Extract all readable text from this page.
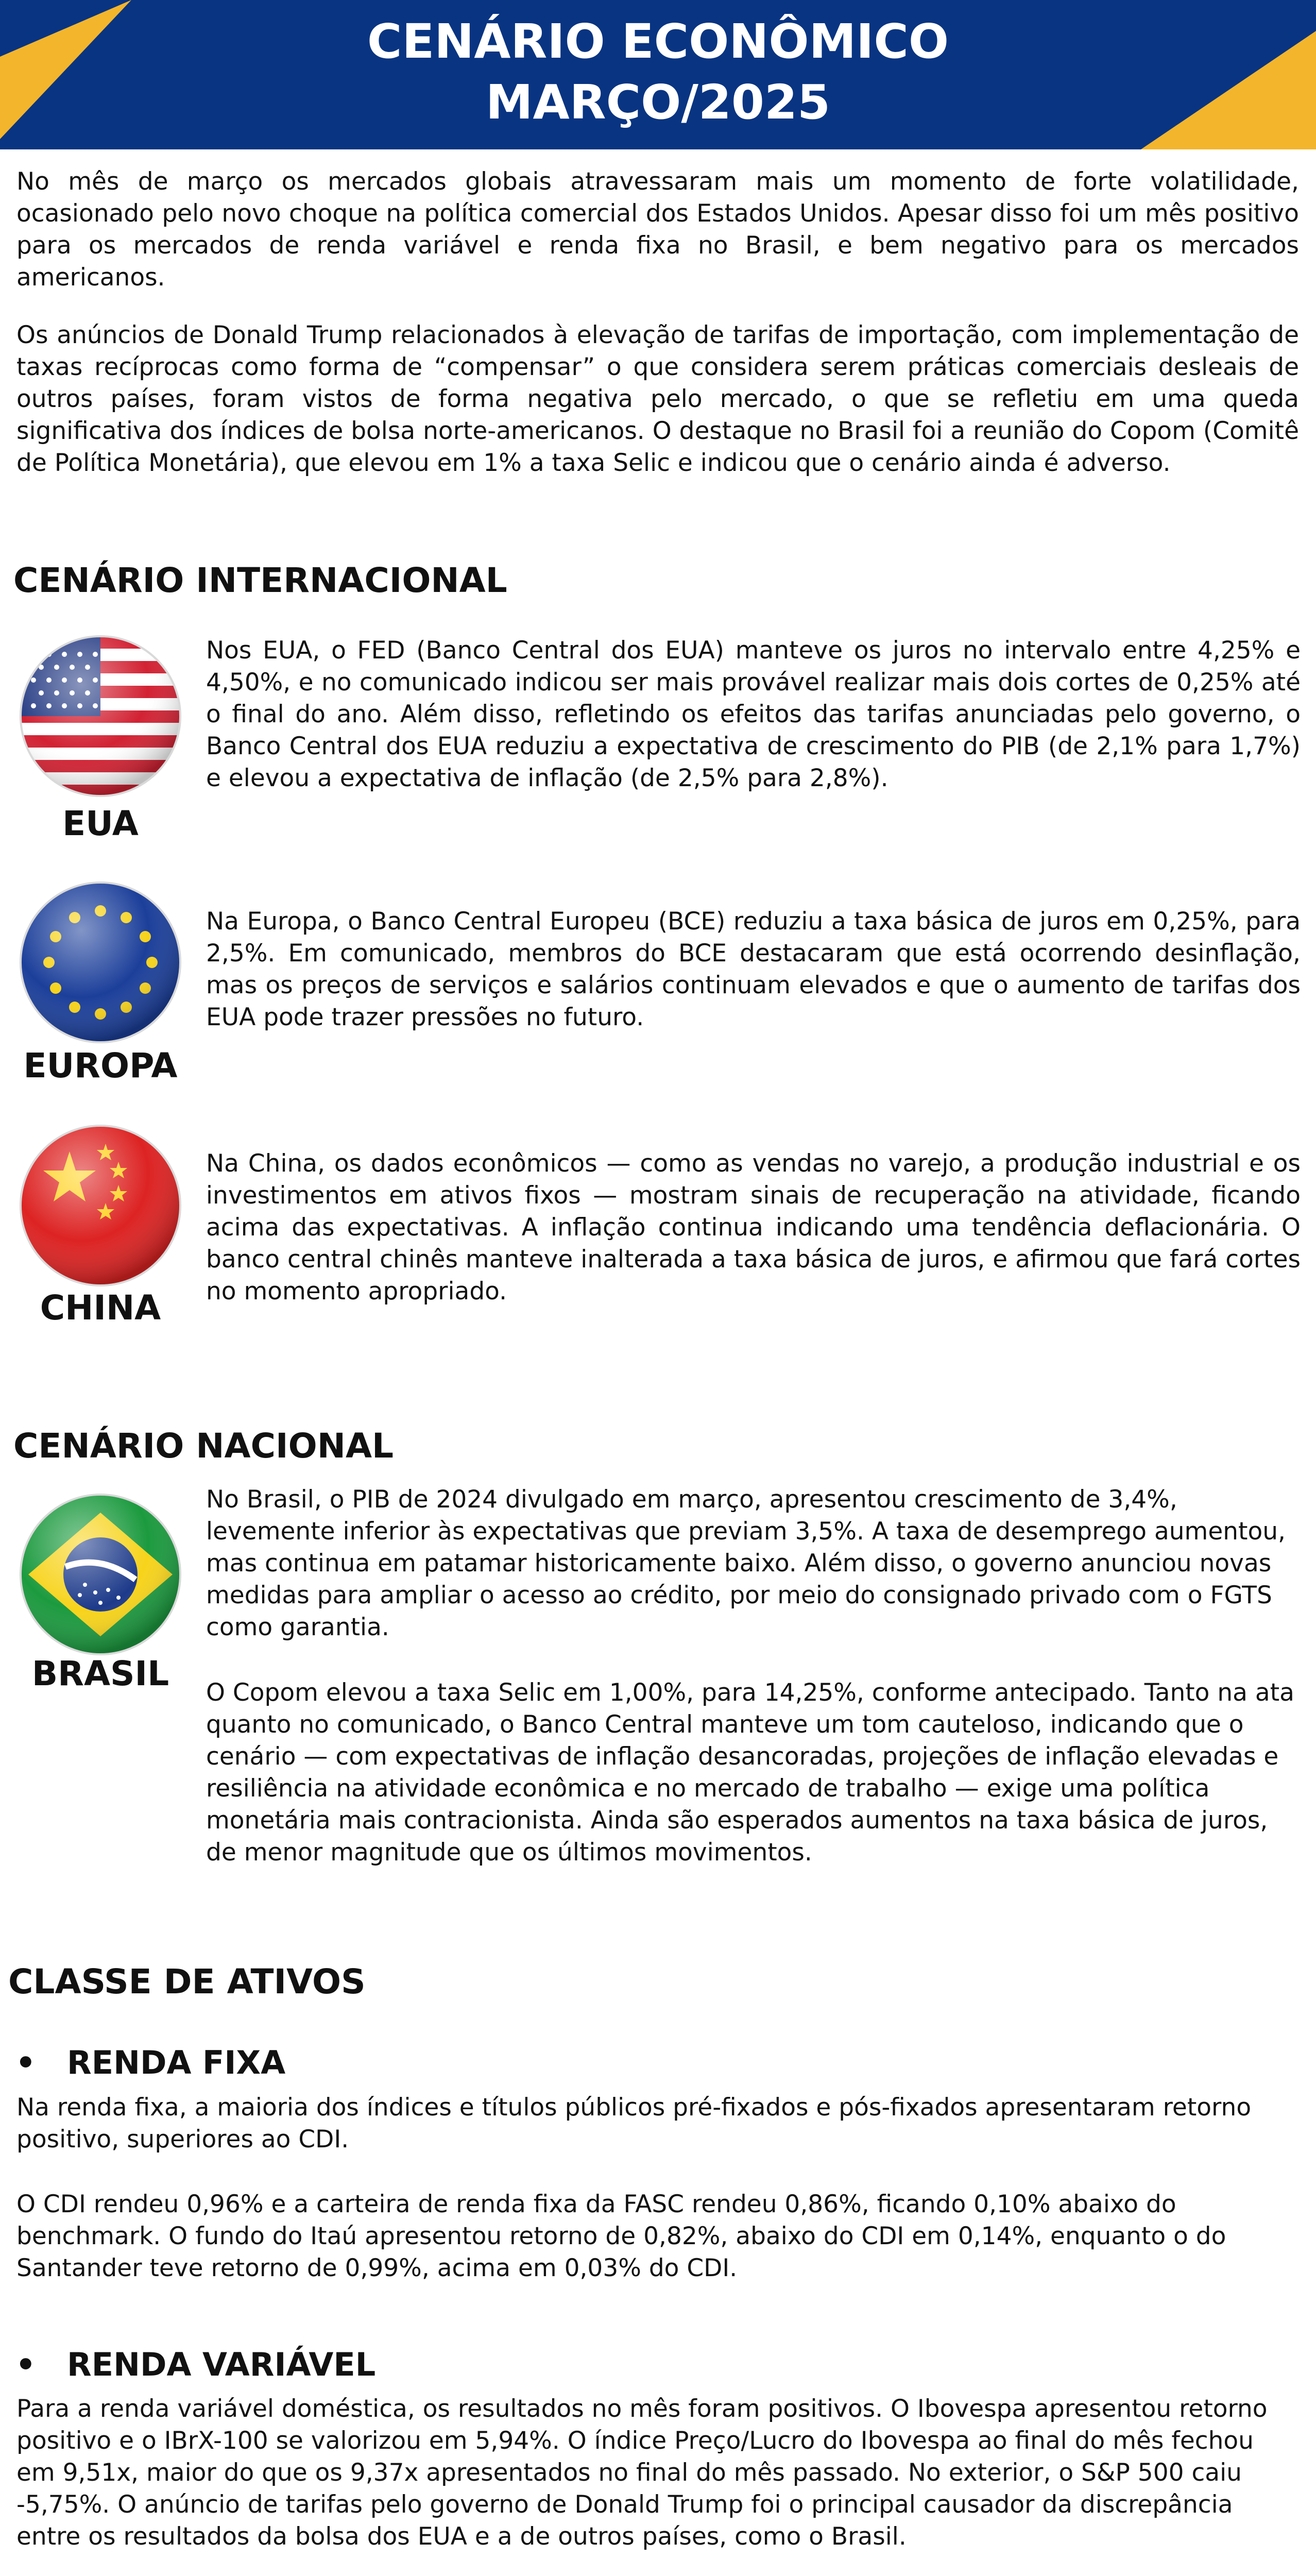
CENÁRIO ECONÔMICO
MARÇO/2025

No mês de março os mercados globais atravessaram mais um momento de forte volatilidade, ocasionado pelo novo choque na política comercial dos Estados Unidos. Apesar disso foi um mês positivo para os mercados de renda variável e renda fixa no Brasil, e bem negativo para os mercados americanos.

Os anúncios de Donald Trump relacionados à elevação de tarifas de importação, com implementação de taxas recíprocas como forma de “compensar” o que considera serem práticas comerciais desleais de outros países, foram vistos de forma negativa pelo mercado, o que se refletiu em uma queda significativa dos índices de bolsa norte-americanos. O destaque no Brasil foi a reunião do Copom (Comitê de Política Monetária), que elevou em 1% a taxa Selic e indicou que o cenário ainda é adverso.

CENÁRIO INTERNACIONAL
EUA

Nos EUA, o FED (Banco Central dos EUA) manteve os juros no intervalo entre 4,25% e 4,50%, e no comunicado indicou ser mais provável realizar mais dois cortes de 0,25% até o final do ano. Além disso, refletindo os efeitos das tarifas anunciadas pelo governo, o Banco Central dos EUA reduziu a expectativa de crescimento do PIB (de 2,1% para 1,7%) e elevou a expectativa de inflação (de 2,5% para 2,8%).

EUROPA

Na Europa, o Banco Central Europeu (BCE) reduziu a taxa básica de juros em 0,25%, para 2,5%. Em comunicado, membros do BCE destacaram que está ocorrendo desinflação, mas os preços de serviços e salários continuam elevados e que o aumento de tarifas dos EUA pode trazer pressões no futuro.

CHINA

Na China, os dados econômicos — como as vendas no varejo, a produção industrial e os investimentos em ativos fixos — mostram sinais de recuperação na atividade, ficando acima das expectativas. A inflação continua indicando uma tendência deflacionária. O banco central chinês manteve inalterada a taxa básica de juros, e afirmou que fará cortes no momento apropriado.

CENÁRIO NACIONAL
BRASIL

No Brasil, o PIB de 2024 divulgado em março, apresentou crescimento de 3,4%, levemente inferior às expectativas que previam 3,5%. A taxa de desemprego aumentou, mas continua em patamar historicamente baixo. Além disso, o governo anunciou novas medidas para ampliar o acesso ao crédito, por meio do consignado privado com o FGTS como garantia.

O Copom elevou a taxa Selic em 1,00%, para 14,25%, conforme antecipado. Tanto na ata quanto no comunicado, o Banco Central manteve um tom cauteloso, indicando que o cenário — com expectativas de inflação desancoradas, projeções de inflação elevadas e resiliência na atividade econômica e no mercado de trabalho — exige uma política monetária mais contracionista. Ainda são esperados aumentos na taxa básica de juros, de menor magnitude que os últimos movimentos.

CLASSE DE ATIVOS
• RENDA FIXA

Na renda fixa, a maioria dos índices e títulos públicos pré-fixados e pós-fixados apresentaram retorno positivo, superiores ao CDI.

O CDI rendeu 0,96% e a carteira de renda fixa da FASC rendeu 0,86%, ficando 0,10% abaixo do benchmark. O fundo do Itaú apresentou retorno de 0,82%, abaixo do CDI em 0,14%, enquanto o do Santander teve retorno de 0,99%, acima em 0,03% do CDI.

• RENDA VARIÁVEL

Para a renda variável doméstica, os resultados no mês foram positivos. O Ibovespa apresentou retorno positivo e o IBrX-100 se valorizou em 5,94%. O índice Preço/Lucro do Ibovespa ao final do mês fechou em 9,51x, maior do que os 9,37x apresentados no final do mês passado. No exterior, o S&P 500 caiu -5,75%. O anúncio de tarifas pelo governo de Donald Trump foi o principal causador da discrepância entre os resultados da bolsa dos EUA e a de outros países, como o Brasil.
